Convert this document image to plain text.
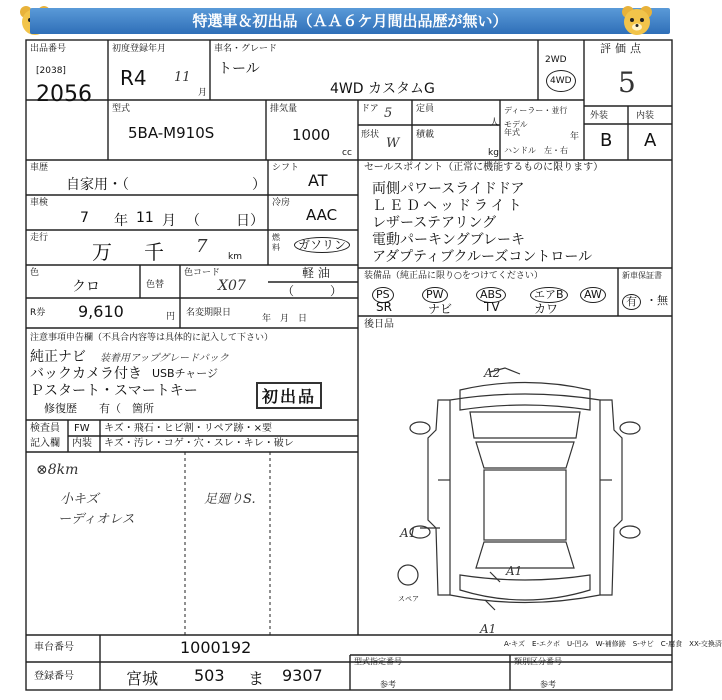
特選車＆初出品（ＡＡ６ケ月間出品歴が無い）
出品番号
[2038]
2056
初度登録年月
R4 11
月
車名・グレード
トール
4WD カスタムG
2WD
4WD
評価点
5
外装	内装
B A
型式
5BA-M910S
排気量
1000
cc
ドア 5
形状
W
定員
人
積載
kg
ディーラー・並行
モデル年式	年
ハンドル 左・右
車歴
自家用・（	）
シフト
AT
車検
7 年 11 月 （	日）
冷房
AAC
走行
万 千 7 km
燃料	ガソリン
軽 油
（　　　）
色
クロ	色替
色コード
X07
R券 9,610	円 名変期限日
年　月　日
セールスポイント（正常に機能するものに限ります）
両側パワースライドドア
ＬＥＤヘッドライト
レザーステアリング
電動パーキングブレーキ
アダプティブクルーズコントロール
装備品（純正品に限り○をつけてください）	新車保証書
PS	PW	ABS	エアB	AW
SR	ナビ	TV	カワ
有 ・無
後日品
注意事項申告欄（不具合内容等は具体的に記入して下さい）
純正ナビ 装着用アップグレードパック
バックカメラ付き USBチャージ
Ｐスタート・スマートキー
修復歴　　有（　箇所
初出品
検査員
記入欄
FW キズ・飛石・ヒビ割・リペア跡・×要
内装 キズ・汚レ・コゲ・穴・スレ・キレ・破レ
⊗8km
小キズ
ーディオレス
足廻りS.
A2
A1
A1
A1
スペア
A-キズ　E-エクボ　U-凹み　W-補修跡　S-サビ　C-腐食　XX-交換済
車台番号	1000192
登録番号	宮城 503 ま 9307
型式指定番号
参考
類別区分番号
参考
